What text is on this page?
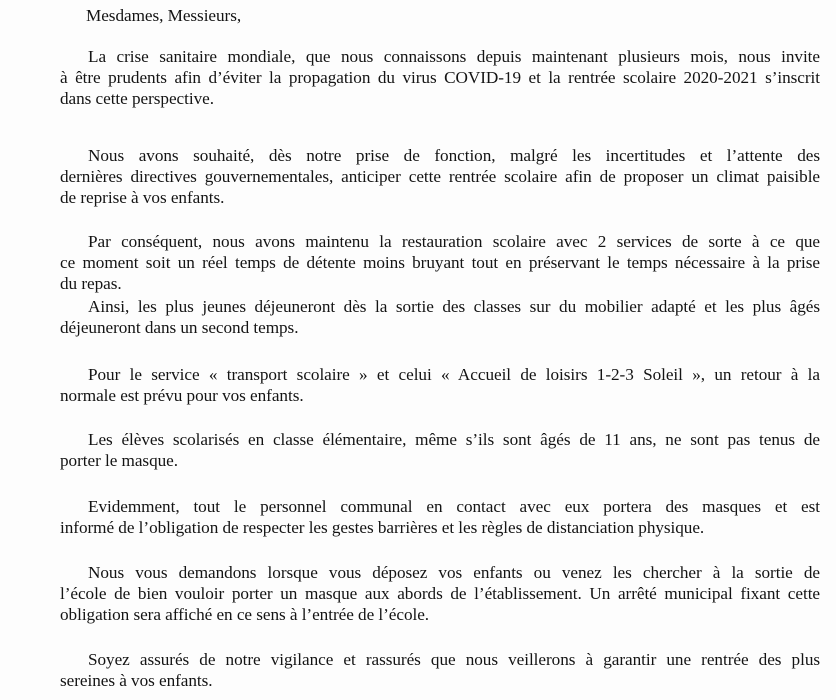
Mesdames, Messieurs,
La crise sanitaire mondiale, que nous connaissons depuis maintenant plusieurs mois, nous invite
à être prudents afin d’éviter la propagation du virus COVID-19 et la rentrée scolaire 2020-2021 s’inscrit
dans cette perspective.
Nous avons souhaité, dès notre prise de fonction, malgré les incertitudes et l’attente des
dernières directives gouvernementales, anticiper cette rentrée scolaire afin de proposer un climat paisible
de reprise à vos enfants.
Par conséquent, nous avons maintenu la restauration scolaire avec 2 services de sorte à ce que
ce moment soit un réel temps de détente moins bruyant tout en préservant le temps nécessaire à la prise
du repas.
Ainsi, les plus jeunes déjeuneront dès la sortie des classes sur du mobilier adapté et les plus âgés
déjeuneront dans un second temps.
Pour le service « transport scolaire » et celui « Accueil de loisirs 1-2-3 Soleil », un retour à la
normale est prévu pour vos enfants.
Les élèves scolarisés en classe élémentaire, même s’ils sont âgés de 11 ans, ne sont pas tenus de
porter le masque.
Evidemment, tout le personnel communal en contact avec eux portera des masques et est
informé de l’obligation de respecter les gestes barrières et les règles de distanciation physique.
Nous vous demandons lorsque vous déposez vos enfants ou venez les chercher à la sortie de
l’école de bien vouloir porter un masque aux abords de l’établissement. Un arrêté municipal fixant cette
obligation sera affiché en ce sens à l’entrée de l’école.
Soyez assurés de notre vigilance et rassurés que nous veillerons à garantir une rentrée des plus
sereines à vos enfants.
